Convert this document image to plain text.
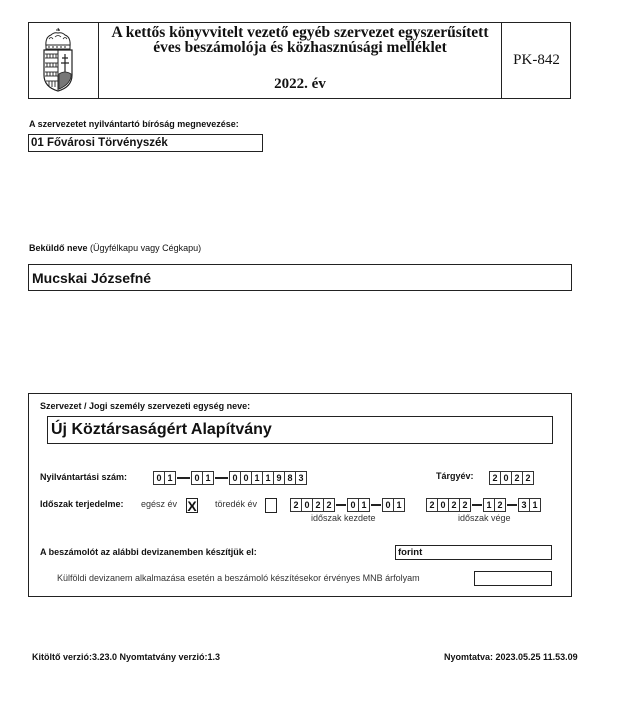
A kettős könyvvitelt vezető egyéb szervezet egyszerűsített
éves beszámolója és közhasznúsági melléklet
2022. év
PK-842
A szervezetet nyilvántartó bíróság megnevezése:
01 Fővárosi Törvényszék
Beküldő neve (Ügyfélkapu vagy Cégkapu)
Mucskai Józsefné
Szervezet / Jogi személy szervezeti egység neve:
Új Köztársaságért Alapítvány
Nyilvántartási szám:	0 1	0 1	0 0 1 1 9 8 3	Tárgyév:	2 0 2 2
Időszak terjedelme: egész év X töredék év	2 0 2 2	0 1	0 1
időszak kezdete
2 0 2 2	1 2	3 1
időszak vége
A beszámolót az alábbi devizanemben készítjük el:	forint
Külföldi devizanem alkalmazása esetén a beszámoló készítésekor érvényes MNB árfolyam
Kitöltő verzió:3.23.0 Nyomtatvány verzió:1.3	Nyomtatva: 2023.05.25 11.53.09
